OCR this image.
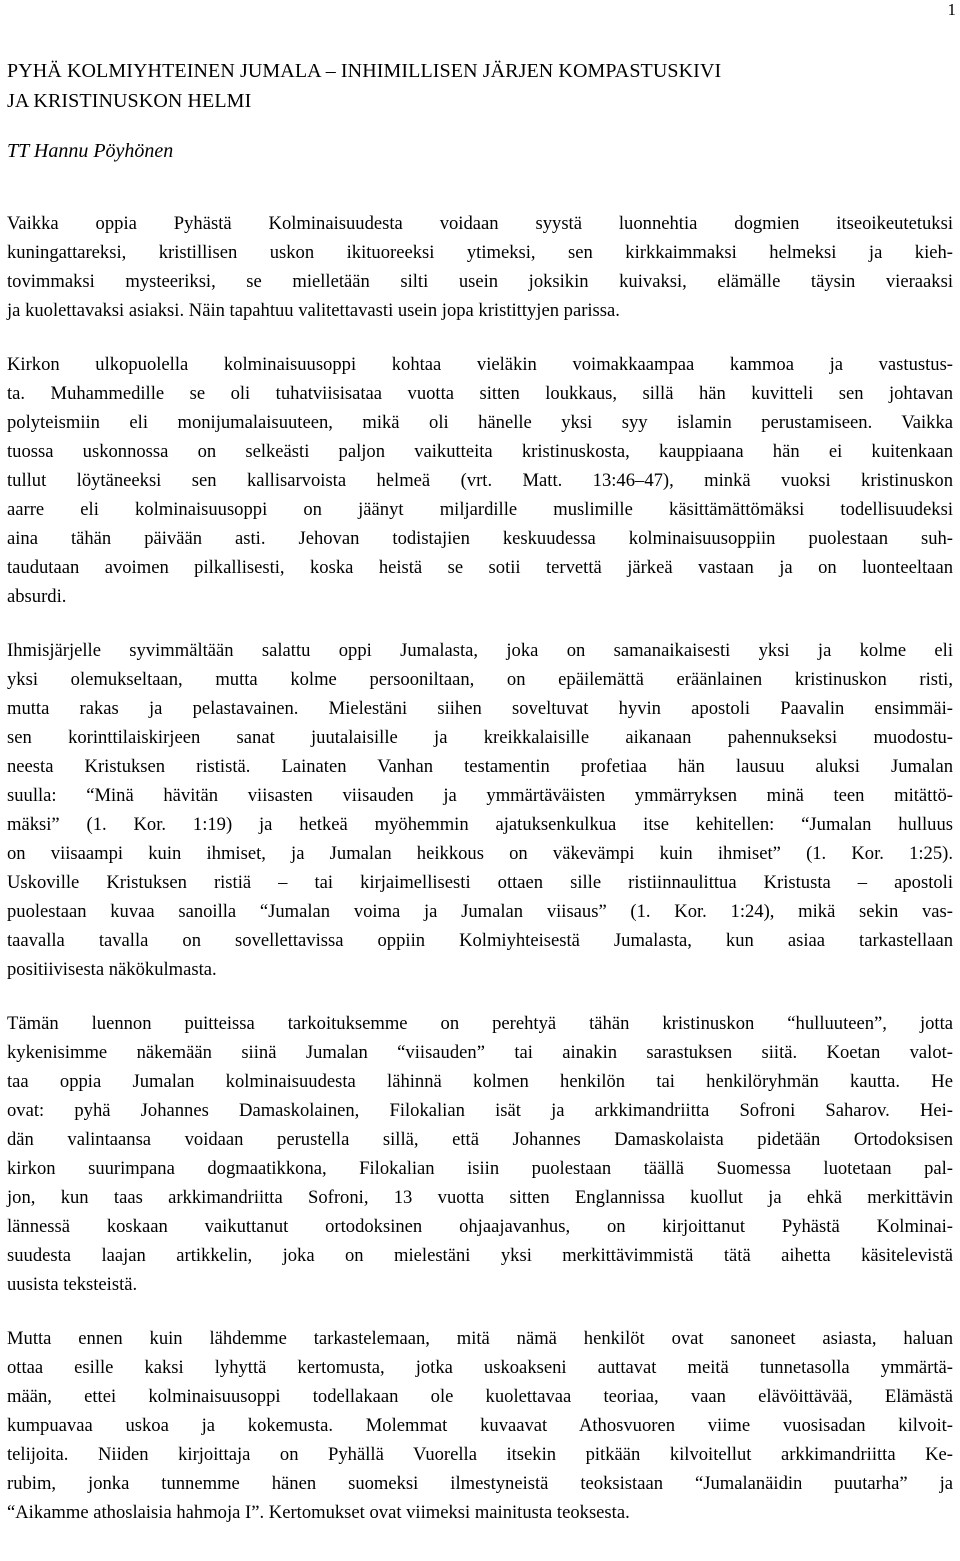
1
PYHÄ KOLMIYHTEINEN JUMALA – INHIMILLISEN JÄRJEN KOMPASTUSKIVI
JA KRISTINUSKON HELMI
TT Hannu Pöyhönen

Vaikka oppia Pyhästä Kolminaisuudesta voidaan syystä luonnehtia dogmien itseoikeutetuksi
kuningattareksi, kristillisen uskon ikituoreeksi ytimeksi, sen kirkkaimmaksi helmeksi ja kieh-
tovimmaksi mysteeriksi, se mielletään silti usein joksikin kuivaksi, elämälle täysin vieraaksi
ja kuolettavaksi asiaksi. Näin tapahtuu valitettavasti usein jopa kristittyjen parissa.

Kirkon ulkopuolella kolminaisuusoppi kohtaa vieläkin voimakkaampaa kammoa ja vastustus-
ta. Muhammedille se oli tuhatviisisataa vuotta sitten loukkaus, sillä hän kuvitteli sen johtavan
polyteismiin eli monijumalaisuuteen, mikä oli hänelle yksi syy islamin perustamiseen. Vaikka
tuossa uskonnossa on selkeästi paljon vaikutteita kristinuskosta, kauppiaana hän ei kuitenkaan
tullut löytäneeksi sen kallisarvoista helmeä (vrt. Matt. 13:46–47), minkä vuoksi kristinuskon
aarre eli kolminaisuusoppi on jäänyt miljardille muslimille käsittämättömäksi todellisuudeksi
aina tähän päivään asti. Jehovan todistajien keskuudessa kolminaisuusoppiin puolestaan suh-
taudutaan avoimen pilkallisesti, koska heistä se sotii tervettä järkeä vastaan ja on luonteeltaan
absurdi.

Ihmisjärjelle syvimmältään salattu oppi Jumalasta, joka on samanaikaisesti yksi ja kolme eli
yksi olemukseltaan, mutta kolme persooniltaan, on epäilemättä eräänlainen kristinuskon risti,
mutta rakas ja pelastavainen. Mielestäni siihen soveltuvat hyvin apostoli Paavalin ensimmäi-
sen korinttilaiskirjeen sanat juutalaisille ja kreikkalaisille aikanaan pahennukseksi muodostu-
neesta Kristuksen rististä. Lainaten Vanhan testamentin profetiaa hän lausuu aluksi Jumalan
suulla: “Minä hävitän viisasten viisauden ja ymmärtäväisten ymmärryksen minä teen mitättö-
mäksi” (1. Kor. 1:19) ja hetkeä myöhemmin ajatuksenkulkua itse kehitellen: “Jumalan hulluus
on viisaampi kuin ihmiset, ja Jumalan heikkous on väkevämpi kuin ihmiset” (1. Kor. 1:25).
Uskoville Kristuksen ristiä – tai kirjaimellisesti ottaen sille ristiinnaulittua Kristusta – apostoli
puolestaan kuvaa sanoilla “Jumalan voima ja Jumalan viisaus” (1. Kor. 1:24), mikä sekin vas-
taavalla tavalla on sovellettavissa oppiin Kolmiyhteisestä Jumalasta, kun asiaa tarkastellaan
positiivisesta näkökulmasta.

Tämän luennon puitteissa tarkoituksemme on perehtyä tähän kristinuskon “hulluuteen”, jotta
kykenisimme näkemään siinä Jumalan “viisauden” tai ainakin sarastuksen siitä. Koetan valot-
taa oppia Jumalan kolminaisuudesta lähinnä kolmen henkilön tai henkilöryhmän kautta. He
ovat: pyhä Johannes Damaskolainen, Filokalian isät ja arkkimandriitta Sofroni Saharov. Hei-
dän valintaansa voidaan perustella sillä, että Johannes Damaskolaista pidetään Ortodoksisen
kirkon suurimpana dogmaatikkona, Filokalian isiin puolestaan täällä Suomessa luotetaan pal-
jon, kun taas arkkimandriitta Sofroni, 13 vuotta sitten Englannissa kuollut ja ehkä merkittävin
lännessä koskaan vaikuttanut ortodoksinen ohjaajavanhus, on kirjoittanut Pyhästä Kolminai-
suudesta laajan artikkelin, joka on mielestäni yksi merkittävimmistä tätä aihetta käsitelevistä
uusista teksteistä.

Mutta ennen kuin lähdemme tarkastelemaan, mitä nämä henkilöt ovat sanoneet asiasta, haluan
ottaa esille kaksi lyhyttä kertomusta, jotka uskoakseni auttavat meitä tunnetasolla ymmärtä-
mään, ettei kolminaisuusoppi todellakaan ole kuolettavaa teoriaa, vaan elävöittävää, Elämästä
kumpuavaa uskoa ja kokemusta. Molemmat kuvaavat Athosvuoren viime vuosisadan kilvoit-
telijoita. Niiden kirjoittaja on Pyhällä Vuorella itsekin pitkään kilvoitellut arkkimandriitta Ke-
rubim, jonka tunnemme hänen suomeksi ilmestyneistä teoksistaan “Jumalanäidin puutarha” ja
“Aikamme athoslaisia hahmoja I”. Kertomukset ovat viimeksi mainitusta teoksesta.
